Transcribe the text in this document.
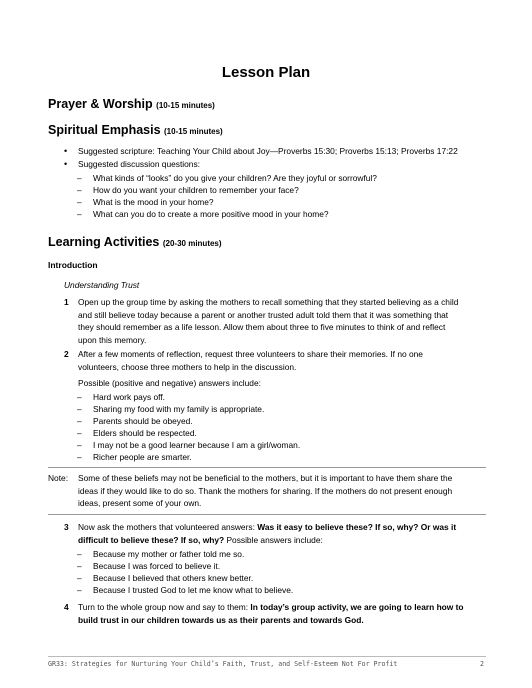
Lesson Plan
Prayer & Worship (10-15 minutes)
Spiritual Emphasis (10-15 minutes)
• Suggested scripture: Teaching Your Child about Joy—Proverbs 15:30; Proverbs 15:13; Proverbs 17:22
• Suggested discussion questions:
– What kinds of “looks” do you give your children? Are they joyful or sorrowful?
– How do you want your children to remember your face?
– What is the mood in your home?
– What can you do to create a more positive mood in your home?
Learning Activities (20-30 minutes)
Introduction
Understanding Trust
1 Open up the group time by asking the mothers to recall something that they started believing as a child
and still believe today because a parent or another trusted adult told them that it was something that
they should remember as a life lesson. Allow them about three to five minutes to think of and reflect
upon this memory.
2 After a few moments of reflection, request three volunteers to share their memories. If no one
volunteers, choose three mothers to help in the discussion.
Possible (positive and negative) answers include:
– Hard work pays off.
– Sharing my food with my family is appropriate.
– Parents should be obeyed.
– Elders should be respected.
– I may not be a good learner because I am a girl/woman.
– Richer people are smarter.
Note: Some of these beliefs may not be beneficial to the mothers, but it is important to have them share the
ideas if they would like to do so. Thank the mothers for sharing. If the mothers do not present enough
ideas, present some of your own.
3 Now ask the mothers that volunteered answers: Was it easy to believe these? If so, why? Or was it
difficult to believe these? If so, why? Possible answers include:
– Because my mother or father told me so.
– Because I was forced to believe it.
– Because I believed that others knew better.
– Because I trusted God to let me know what to believe.
4 Turn to the whole group now and say to them: In today’s group activity, we are going to learn how to
build trust in our children towards us as their parents and towards God.
GR33: Strategies for Nurturing Your Child’s Faith, Trust, and Self-Esteem Not For Profit	2
